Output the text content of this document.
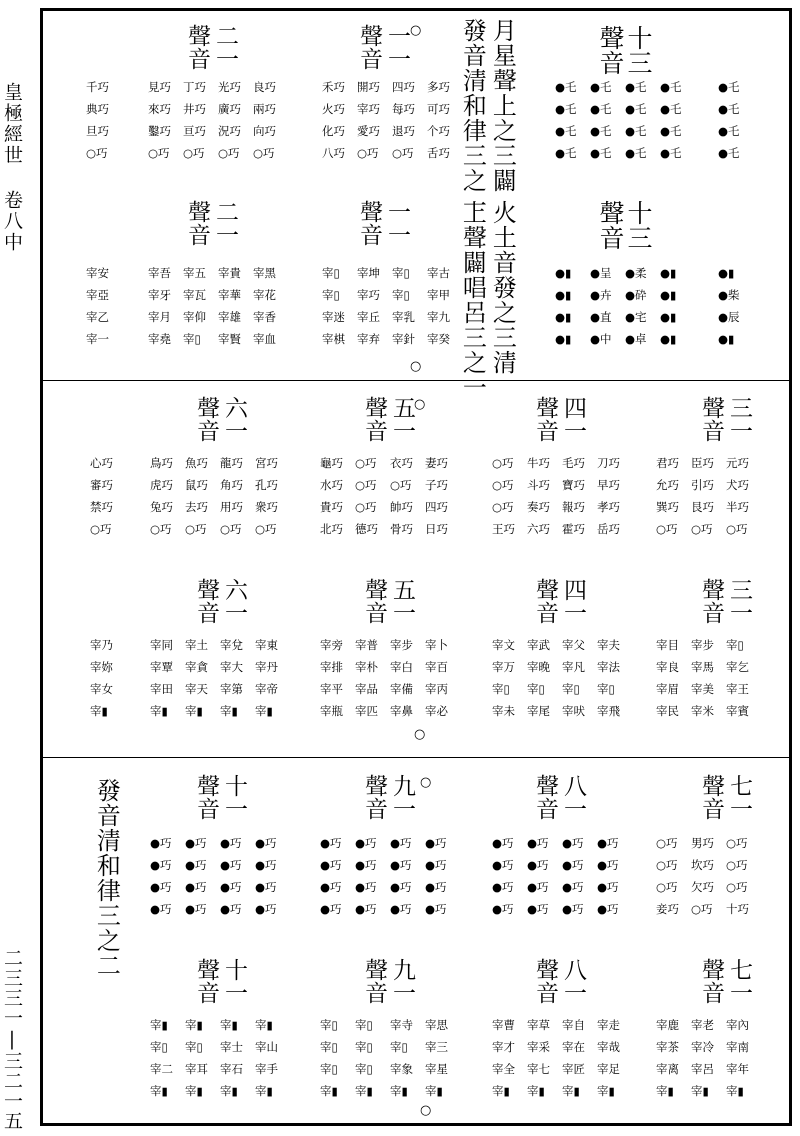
皇極經世 卷八中
二三三一|三二一五
月星聲上之三闢
發音清和律三之一
火土音發之三清
上聲闢唱呂三之一
發音清和律三之二
十三
聲音
一一
聲音
二一
聲音
●乇
●乇
●乇
●乇
●乇
●乇
●乇
●乇
●乇
●乇
●乇
●乇
●乇
●乇
●乇
●乇
多巧
可巧
个巧
舌巧
四巧
每巧
退巧
○巧
開巧
宰巧
愛巧
○巧
禾巧
火巧
化巧
八巧
良巧
兩巧
向巧
○巧
光巧
廣巧
況巧
○巧
丁巧
井巧
亘巧
○巧
見巧
來巧
鑿巧
○巧
十三
聲音
一一
聲音
二一
聲音
●▮
●▮
●▮
●▮
●柔
●砕
●宅
●卓
●呈
●卉
●直
●中
●▮
●▮
●▮
●▮
宰古
宰甲
宰九
宰癸
宰▯
宰▯
宰乳
宰針
宰坤
宰巧
宰丘
宰弃
宰▯
宰▯
宰迷
宰棋
宰黑
宰花
宰香
宰血
宰貴
宰華
宰雄
宰賢
宰五
宰瓦
宰仰
宰▯
宰吾
宰牙
宰月
宰堯
三一
聲音
四一
聲音
五一
聲音
六一
聲音
元巧
犬巧
半巧
○巧
臣巧
引巧
艮巧
○巧
君巧
允巧
巽巧
○巧
刀巧
早巧
孝巧
岳巧
毛巧
寶巧
報巧
霍巧
牛巧
斗巧
奏巧
六巧
○巧
○巧
○巧
王巧
妻巧
子巧
四巧
日巧
衣巧
○巧
帥巧
骨巧
○巧
○巧
○巧
德巧
龜巧
水巧
貴巧
北巧
宮巧
孔巧
衆巧
○巧
龍巧
角巧
用巧
○巧
魚巧
鼠巧
去巧
○巧
鳥巧
虎巧
兔巧
○巧
三一
聲音
四一
聲音
五一
聲音
六一
聲音
宰▯
宰乞
宰王
宰賓
宰步
宰馬
宰美
宰米
宰目
宰良
宰眉
宰民
宰夫
宰法
宰▯
宰飛
宰父
宰凡
宰▯
宰吠
宰武
宰晚
宰▯
宰尾
宰文
宰万
宰▯
宰未
宰卜
宰百
宰丙
宰必
宰步
宰白
宰備
宰鼻
宰普
宰朴
宰品
宰匹
宰旁
宰排
宰平
宰瓶
宰東
宰丹
宰帝
宰▮
宰兌
宰大
宰第
宰▮
宰土
宰貪
宰天
宰▮
宰同
宰覃
宰田
宰▮
七一
聲音
八一
聲音
九一
聲音
十一
聲音
○巧
○巧
○巧
十巧
男巧
坎巧
欠巧
○巧
○巧
○巧
○巧
妾巧
●巧
●巧
●巧
●巧
●巧
●巧
●巧
●巧
●巧
●巧
●巧
●巧
●巧
●巧
●巧
●巧
●巧
●巧
●巧
●巧
●巧
●巧
●巧
●巧
●巧
●巧
●巧
●巧
●巧
●巧
●巧
●巧
●巧
●巧
●巧
●巧
●巧
●巧
●巧
●巧
●巧
●巧
●巧
●巧
●巧
●巧
●巧
●巧
七一
聲音
八一
聲音
九一
聲音
十一
聲音
宰內
宰南
宰年
宰▮
宰老
宰冷
宰呂
宰▮
宰鹿
宰茶
宰离
宰▮
宰走
宰哉
宰足
宰▮
宰自
宰在
宰匠
宰▮
宰草
宰采
宰七
宰▮
宰曹
宰才
宰全
宰▮
宰思
宰三
宰星
宰▮
宰寺
宰▯
宰象
宰▮
宰▯
宰▯
宰▯
宰▮
宰▯
宰▯
宰▯
宰▮
宰▮
宰山
宰手
宰▮
宰▮
宰士
宰石
宰▮
宰▮
宰▯
宰耳
宰▮
宰▮
宰▯
宰二
宰▮
●乇
●乇
●乇
●乇
千巧
典巧
旦巧
○巧
●▮
●柴
●辰
●▮
宰安
宰亞
宰乙
宰一
心巧
審巧
禁巧
○巧
宰乃
宰妳
宰女
宰▮
○
○
○
○
○
○
